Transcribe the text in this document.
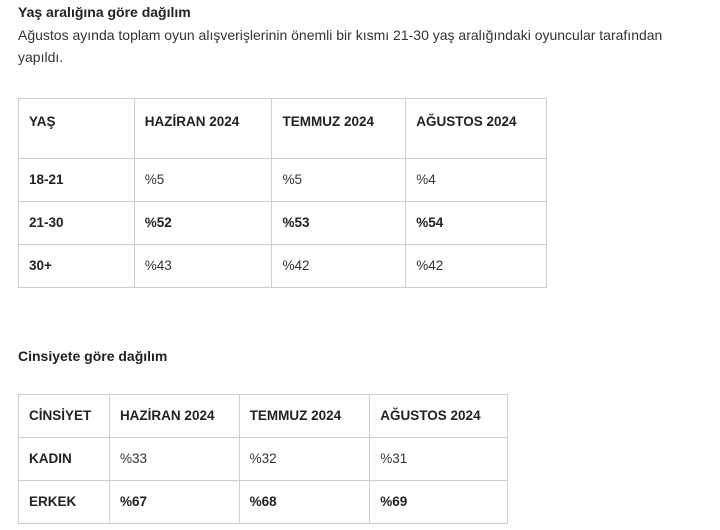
Yaş aralığına göre dağılım

Ağustos ayında toplam oyun alışverişlerinin önemli bir kısmı 21-30 yaş aralığındaki oyuncular tarafından yapıldı.

YAŞ	HAZİRAN 2024	TEMMUZ 2024	AĞUSTOS 2024
18-21	%5	%5	%4
21-30	%52	%53	%54
30+	%43	%42	%42
Cinsiyete göre dağılım
CİNSİYET	HAZİRAN 2024	TEMMUZ 2024	AĞUSTOS 2024
KADIN	%33	%32	%31
ERKEK	%67	%68	%69
